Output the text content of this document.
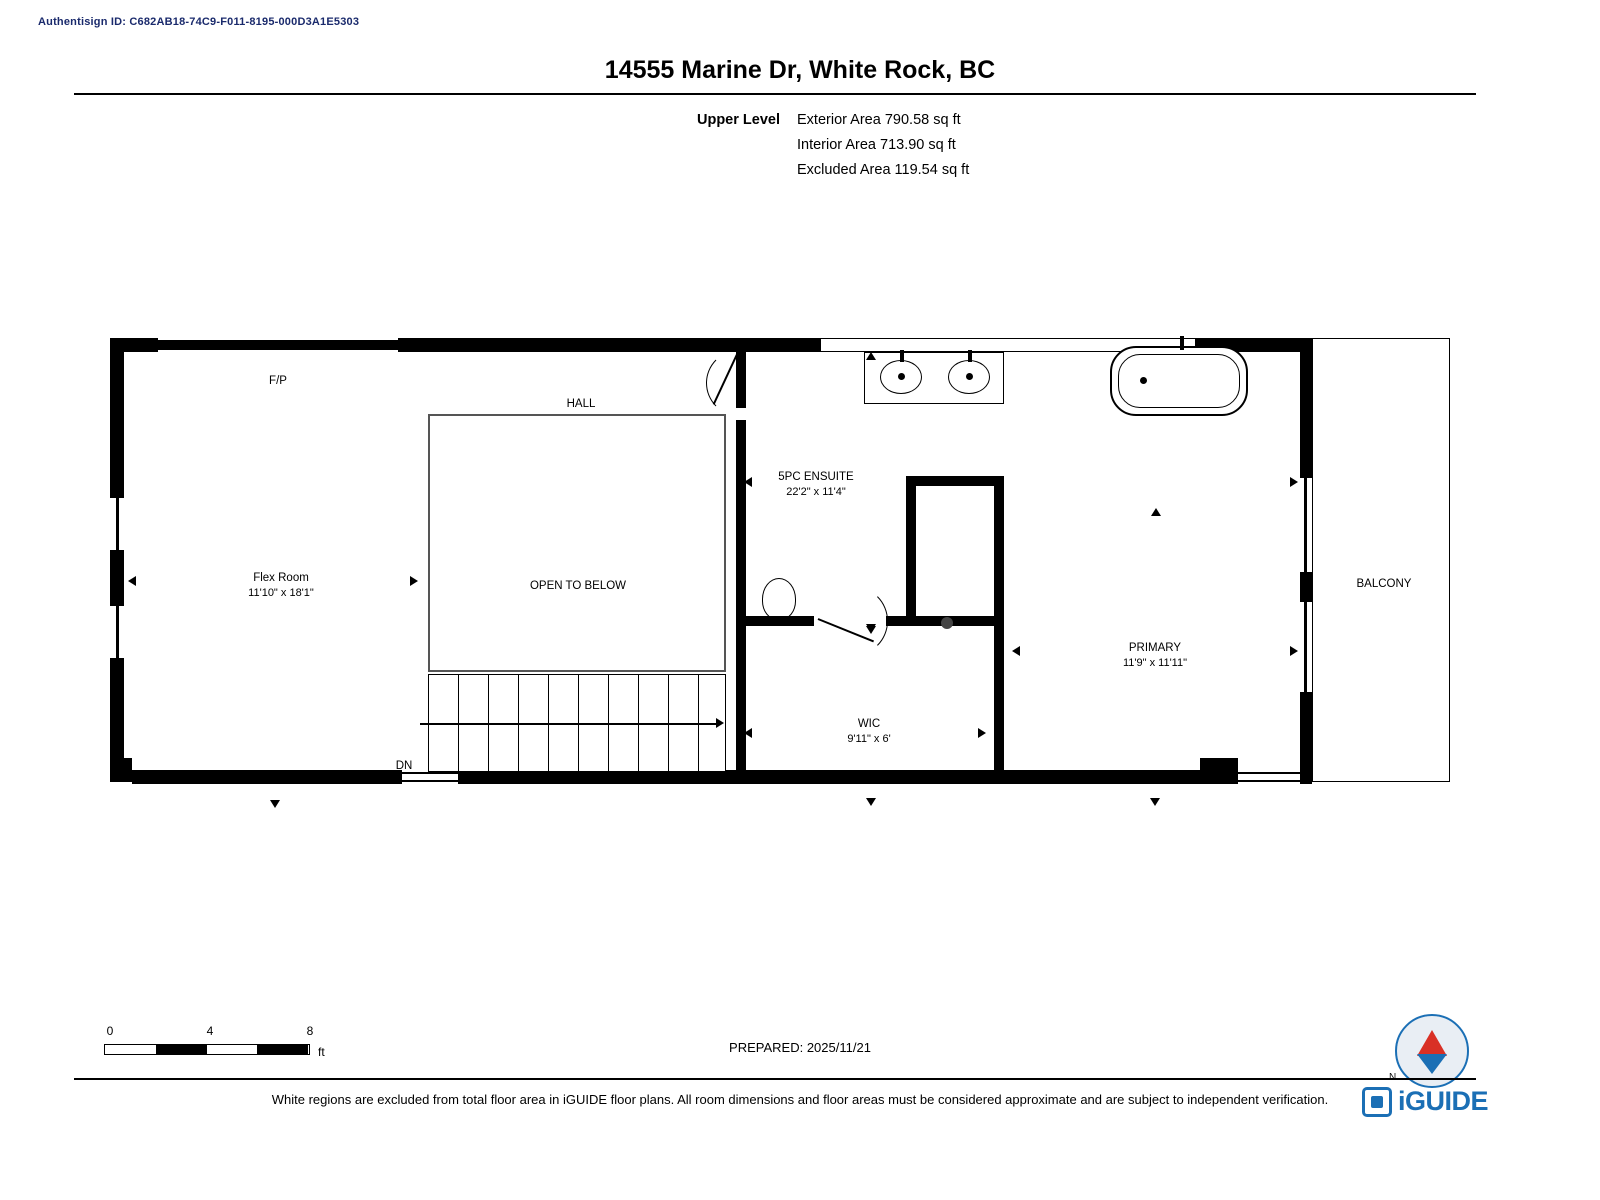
Authentisign ID: C682AB18-74C9-F011-8195-000D3A1E5303
14555 Marine Dr, White Rock, BC
Upper Level	Exterior Area 790.58 sq ft
Interior Area 713.90 sq ft
Excluded Area 119.54 sq ft
F/P
HALL
OPEN TO BELOW
DN
BALCONY
Flex Room
11'10" x 18'1"
5PC ENSUITE
22'2" x 11'4"
PRIMARY
11'9" x 11'11"
WIC
9'11" x 6'
0	4	8
ft	PREPARED: 2025/11/21
White regions are excluded from total floor area in iGUIDE floor plans. All room dimensions and floor areas must be considered approximate and are subject to independent verification.	iGUIDE
